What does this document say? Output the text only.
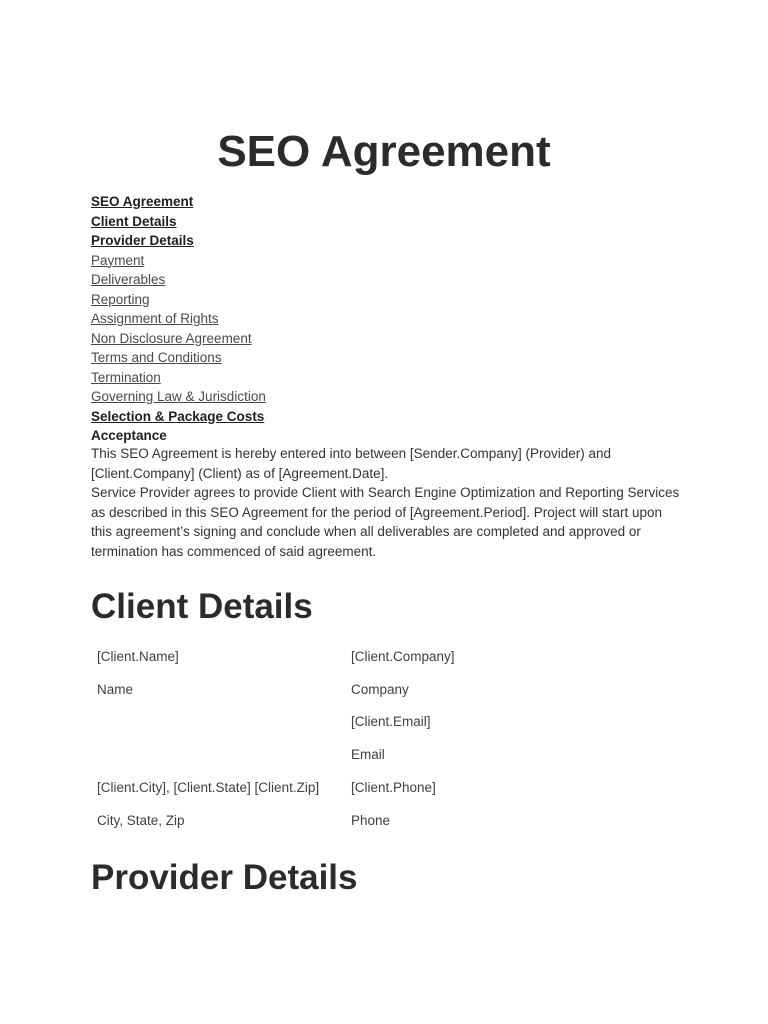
SEO Agreement
SEO Agreement
Client Details
Provider Details
Payment
Deliverables
Reporting
Assignment of Rights
Non Disclosure Agreement
Terms and Conditions
Termination
Governing Law & Jurisdiction
Selection & Package Costs
Acceptance

This SEO Agreement is hereby entered into between [Sender.Company] (Provider) and [Client.Company] (Client) as of [Agreement.Date].

Service Provider agrees to provide Client with Search Engine Optimization and Reporting Services as described in this SEO Agreement for the period of [Agreement.Period]. Project will start upon this agreement’s signing and conclude when all deliverables are completed and approved or termination has commenced of said agreement.

Client Details
[Client.Name]	[Client.Company]
Name	Company
	[Client.Email]
	Email
[Client.City], [Client.State] [Client.Zip]	[Client.Phone]
City, State, Zip	Phone
Provider Details
